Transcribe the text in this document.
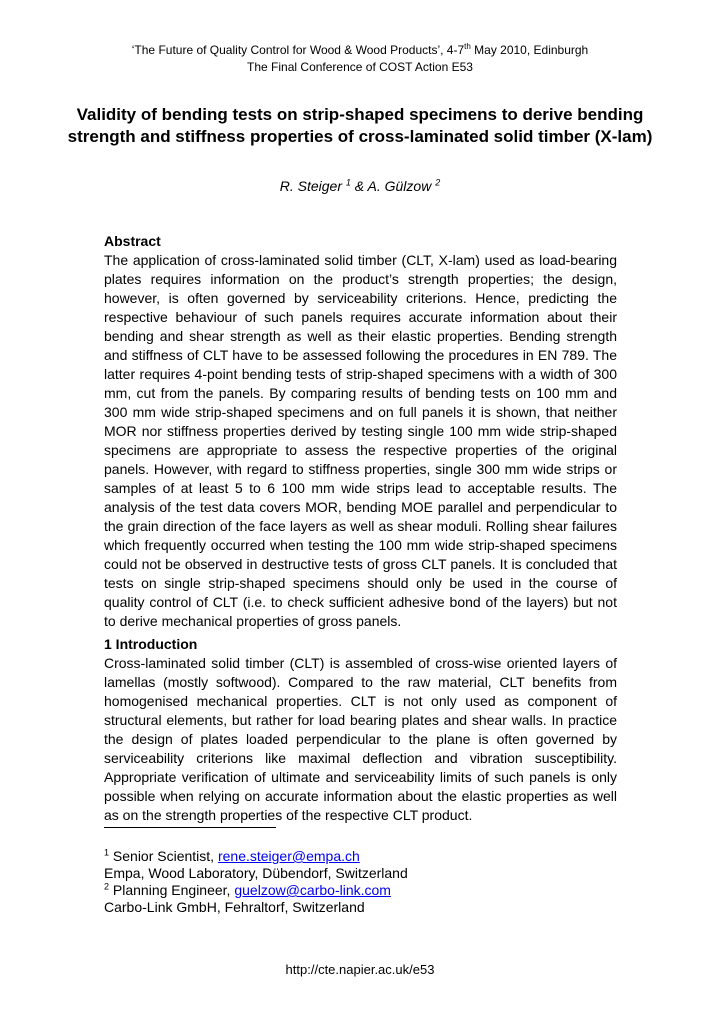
‘The Future of Quality Control for Wood & Wood Products’, 4-7th May 2010, Edinburgh
The Final Conference of COST Action E53
Validity of bending tests on strip-shaped specimens to derive bending strength and stiffness properties of cross-laminated solid timber (X-lam)
R. Steiger $^1$ & A. Gülzow $^2$
Abstract

The application of cross-laminated solid timber (CLT, X-lam) used as load-bearing plates requires information on the product’s strength properties; the design, however, is often governed by serviceability criterions. Hence, predicting the respective behaviour of such panels requires accurate information about their bending and shear strength as well as their elastic properties. Bending strength and stiffness of CLT have to be assessed following the procedures in EN 789. The latter requires 4-point bending tests of strip-shaped specimens with a width of 300 mm, cut from the panels. By comparing results of bending tests on 100 mm and 300 mm wide strip-shaped specimens and on full panels it is shown, that neither MOR nor stiffness properties derived by testing single 100 mm wide strip-shaped specimens are appropriate to assess the respective properties of the original panels. However, with regard to stiffness properties, single 300 mm wide strips or samples of at least 5 to 6 100 mm wide strips lead to acceptable results. The analysis of the test data covers MOR, bending MOE parallel and perpendicular to the grain direction of the face layers as well as shear moduli. Rolling shear failures which frequently occurred when testing the 100 mm wide strip-shaped specimens could not be observed in destructive tests of gross CLT panels. It is concluded that tests on single strip-shaped specimens should only be used in the course of quality control of CLT (i.e. to check sufficient adhesive bond of the layers) but not to derive mechanical properties of gross panels.

1 Introduction

Cross-laminated solid timber (CLT) is assembled of cross-wise oriented layers of lamellas (mostly softwood). Compared to the raw material, CLT benefits from homogenised mechanical properties. CLT is not only used as component of structural elements, but rather for load bearing plates and shear walls. In practice the design of plates loaded perpendicular to the plane is often governed by serviceability criterions like maximal deflection and vibration susceptibility. Appropriate verification of ultimate and serviceability limits of such panels is only possible when relying on accurate information about the elastic properties as well as on the strength properties of the respective CLT product.

$^1$ Senior Scientist, rene.steiger@empa.ch
Empa, Wood Laboratory, Dübendorf, Switzerland
$^2$ Planning Engineer, guelzow@carbo-link.com
Carbo-Link GmbH, Fehraltorf, Switzerland
http://cte.napier.ac.uk/e53
